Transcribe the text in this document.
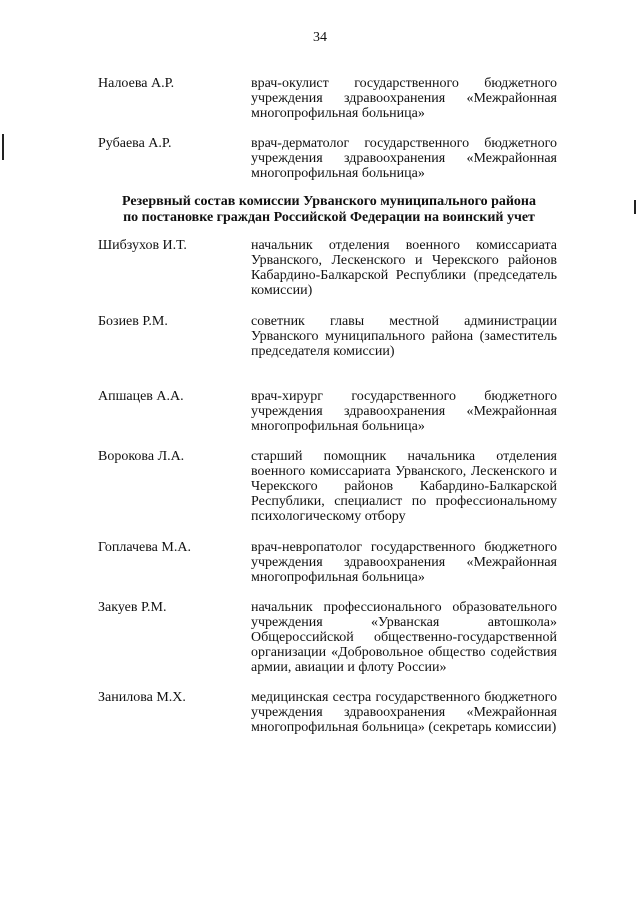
34
Налоева А.Р.	врач-окулист государственного бюджетного учреждения здравоохранения «Межрайонная многопрофильная больница»
Рубаева А.Р.	врач-дерматолог государственного бюджетного учреждения здравоохранения «Межрайонная многопрофильная больница»
Резервный состав комиссии Урванского муниципального района
по постановке граждан Российской Федерации на воинский учет
Шибзухов И.Т.	начальник отделения военного комиссариата Урванского, Лескенского и Черекского районов Кабардино-Балкарской Республики (председатель комиссии)
Бозиев Р.М.	советник главы местной администрации Урванского муниципального района (заместитель председателя комиссии)
Апшацев А.А.	врач-хирург государственного бюджетного учреждения здравоохранения «Межрайонная многопрофильная больница»
Ворокова Л.А.	старший помощник начальника отделения военного комиссариата Урванского, Лескенского и Черекского районов Кабардино-Балкарской Республики, специалист по профессиональному психологическому отбору
Гоплачева М.А.	врач-невропатолог государственного бюджетного учреждения здравоохранения «Межрайонная многопрофильная больница»
Закуев Р.М.	начальник профессионального образовательного учреждения «Урванская автошкола» Общероссийской общественно-государственной организации «Добровольное общество содействия армии, авиации и флоту России»
Занилова М.Х.	медицинская сестра государственного бюджетного учреждения здравоохранения «Межрайонная многопрофильная больница» (секретарь комиссии)
